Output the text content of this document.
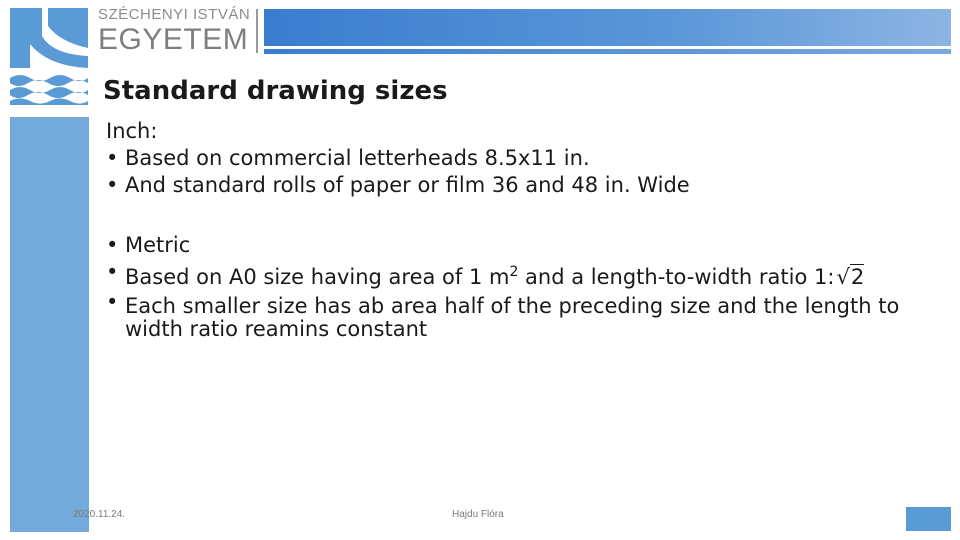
SZÉCHENYI ISTVÁN
EGYETEM
Standard drawing sizes
Inch:
• Based on commercial letterheads 8.5x11 in.
• And standard rolls of paper or film 36 and 48 in. Wide
• Metric
• Based on A0 size having area of 1 $m^2$ and a length-to-width ratio 1:√2
• Each smaller size has ab area half of the preceding size and the length to width ratio reamins constant
2020.11.24.	Hajdu Flóra
